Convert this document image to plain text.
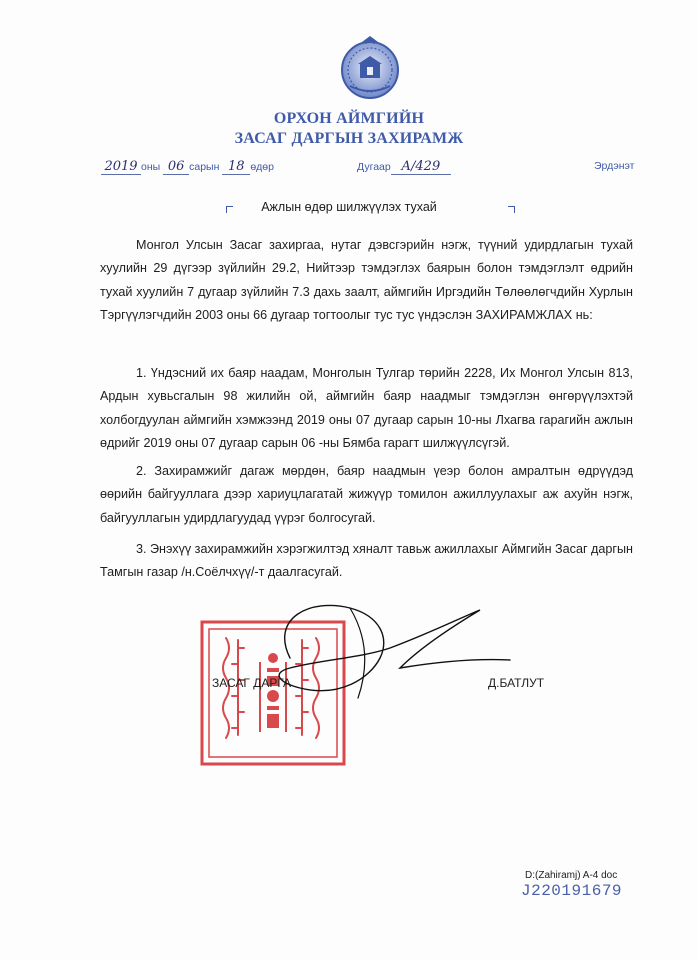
ОРХОН АЙМГИЙН
ЗАСАГ ДАРГЫН ЗАХИРАМЖ
2019 оны 06 сарын 18 өдөр	Дугаар А/429	Эрдэнэт
Ажлын өдөр шилжүүлэх тухай
Монгол Улсын Засаг захиргаа, нутаг дэвсгэрийн нэгж, түүний удирдлагын тухай хуулийн 29 дүгээр зүйлийн 29.2, Нийтээр тэмдэглэх баярын болон тэмдэглэлт өдрийн тухай хуулийн 7 дугаар зүйлийн 7.3 дахь заалт, аймгийн Иргэдийн Төлөөлөгчдийн Хурлын Тэргүүлэгчдийн 2003 оны 66 дугаар тогтоолыг тус тус үндэслэн ЗАХИРАМЖЛАХ нь:
1. Үндэсний их баяр наадам, Монголын Тулгар төрийн 2228, Их Монгол Улсын 813, Ардын хувьсгалын 98 жилийн ой, аймгийн баяр наадмыг тэмдэглэн өнгөрүүлэхтэй холбогдуулан аймгийн хэмжээнд 2019 оны 07 дугаар сарын 10-ны Лхагва гарагийн ажлын өдрийг 2019 оны 07 дугаар сарын 06 -ны Бямба гарагт шилжүүлсүгэй.
2. Захирамжийг дагаж мөрдөн, баяр наадмын үеэр болон амралтын өдрүүдэд өөрийн байгууллага дээр хариуцлагатай жижүүр томилон ажиллуулахыг аж ахуйн нэгж, байгууллагын удирдлагуудад үүрэг болгосугай.
3. Энэхүү захирамжийн хэрэгжилтэд хяналт тавьж ажиллахыг Аймгийн Засаг даргын Тамгын газар /н.Соёлчхүү/-т даалгасугай.
ЗАСАГ ДАРГА	Д.БАТЛУТ
D:(Zahiramj) A-4 doc
J220191679
